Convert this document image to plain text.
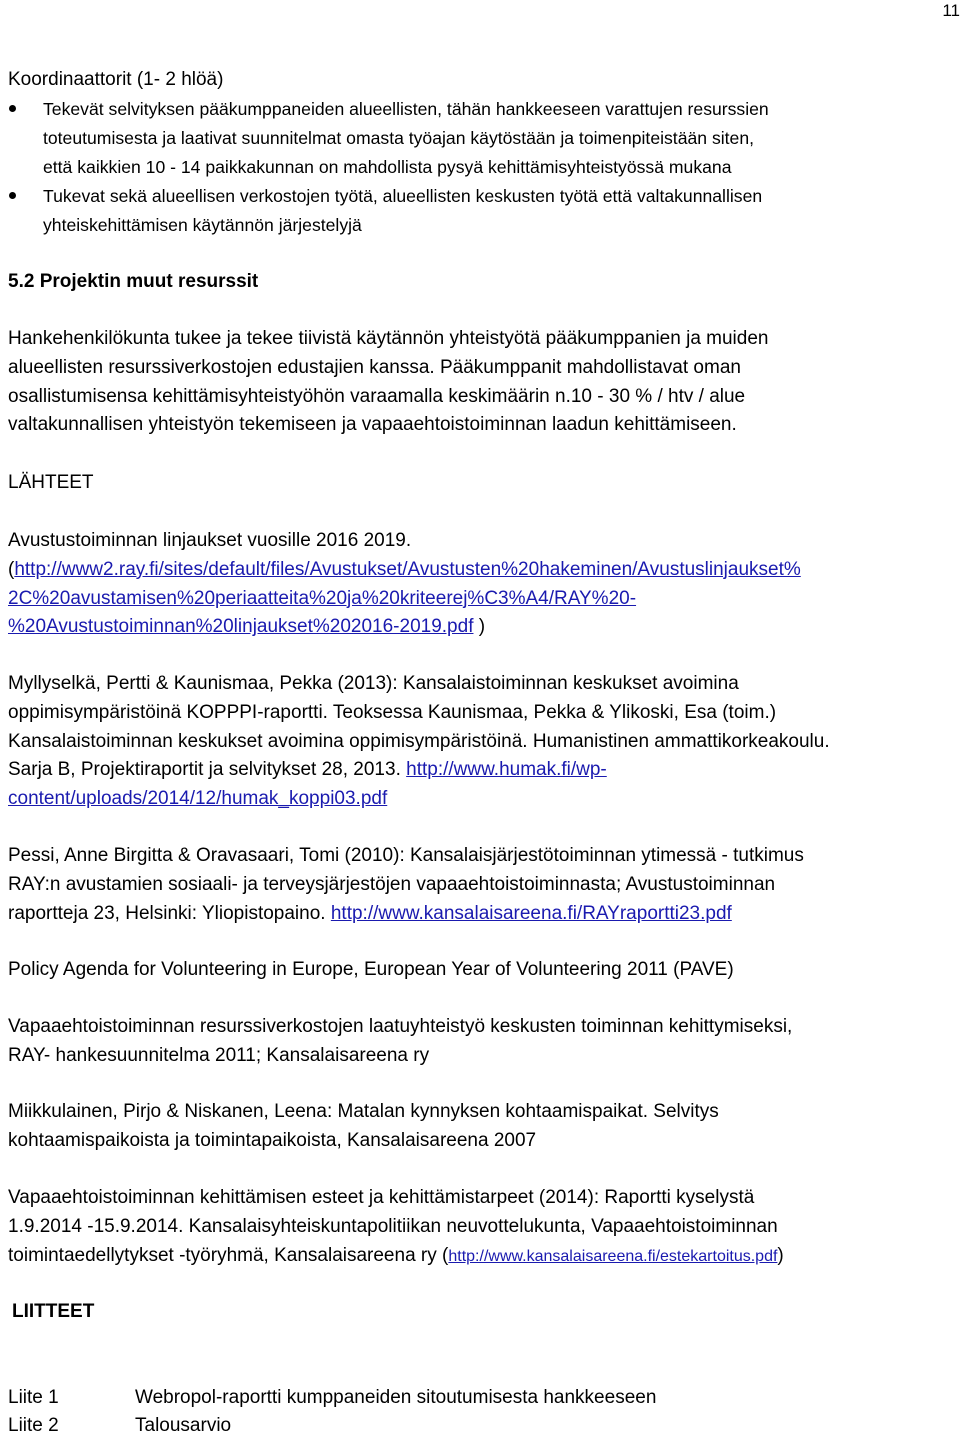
11
Koordinaattorit (1- 2 hlöä)
Tekevät selvityksen pääkumppaneiden alueellisten, tähän hankkeeseen varattujen resurssien
toteutumisesta ja laativat suunnitelmat omasta työajan käytöstään ja toimenpiteistään siten,
että kaikkien 10 - 14 paikkakunnan on mahdollista pysyä kehittämisyhteistyössä mukana
Tukevat sekä alueellisen verkostojen työtä, alueellisten keskusten työtä että valtakunnallisen
yhteiskehittämisen käytännön järjestelyjä
5.2 Projektin muut resurssit
Hankehenkilökunta tukee ja tekee tiivistä käytännön yhteistyötä pääkumppanien ja muiden
alueellisten resurssiverkostojen edustajien kanssa. Pääkumppanit mahdollistavat oman
osallistumisensa kehittämisyhteistyöhön varaamalla keskimäärin n.10 - 30 % / htv / alue
valtakunnallisen yhteistyön tekemiseen ja vapaaehtoistoiminnan laadun kehittämiseen.
LÄHTEET
Avustustoiminnan linjaukset vuosille 2016 2019.
(http://www2.ray.fi/sites/default/files/Avustukset/Avustusten%20hakeminen/Avustuslinjaukset%
2C%20avustamisen%20periaatteita%20ja%20kriteerej%C3%A4/RAY%20-
%20Avustustoiminnan%20linjaukset%202016-2019.pdf )
Myllyselkä, Pertti & Kaunismaa, Pekka (2013): Kansalaistoiminnan keskukset avoimina
oppimisympäristöinä KOPPPI-raportti. Teoksessa Kaunismaa, Pekka & Ylikoski, Esa (toim.)
Kansalaistoiminnan keskukset avoimina oppimisympäristöinä. Humanistinen ammattikorkeakoulu.
Sarja B, Projektiraportit ja selvitykset 28, 2013. http://www.humak.fi/wp-
content/uploads/2014/12/humak_koppi03.pdf
Pessi, Anne Birgitta & Oravasaari, Tomi (2010): Kansalaisjärjestötoiminnan ytimessä - tutkimus
RAY:n avustamien sosiaali- ja terveysjärjestöjen vapaaehtoistoiminnasta; Avustustoiminnan
raportteja 23, Helsinki: Yliopistopaino. http://www.kansalaisareena.fi/RAYraportti23.pdf
Policy Agenda for Volunteering in Europe, European Year of Volunteering 2011 (PAVE)
Vapaaehtoistoiminnan resurssiverkostojen laatuyhteistyö keskusten toiminnan kehittymiseksi,
RAY- hankesuunnitelma 2011; Kansalaisareena ry
Miikkulainen, Pirjo & Niskanen, Leena: Matalan kynnyksen kohtaamispaikat. Selvitys
kohtaamispaikoista ja toimintapaikoista, Kansalaisareena 2007
Vapaaehtoistoiminnan kehittämisen esteet ja kehittämistarpeet (2014): Raportti kyselystä
1.9.2014 -15.9.2014. Kansalaisyhteiskuntapolitiikan neuvottelukunta, Vapaaehtoistoiminnan
toimintaedellytykset -työryhmä, Kansalaisareena ry (http://www.kansalaisareena.fi/estekartoitus.pdf)
LIITTEET
Liite 1	Webropol-raportti kumppaneiden sitoutumisesta hankkeeseen
Liite 2	Talousarvio
